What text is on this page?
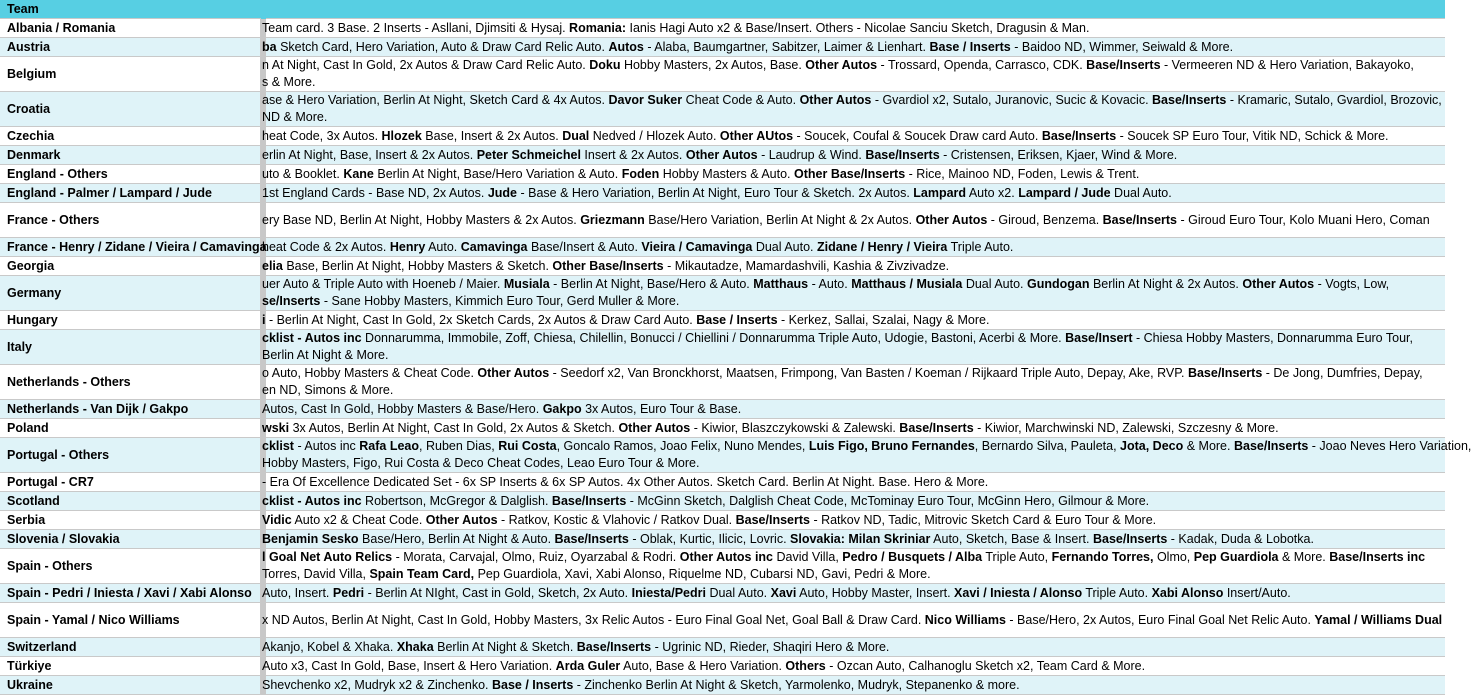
Team		
Albania / Romania		Team card. 3 Base. 2 Inserts - Asllani, Djimsiti & Hysaj. Romania: Ianis Hagi Auto x2 & Base/Insert. Others - Nicolae Sanciu Sketch, Dragusin & Man.

Austria		ba Sketch Card, Hero Variation, Auto & Draw Card Relic Auto. Autos - Alaba, Baumgartner, Sabitzer, Laimer & Lienhart. Base / Inserts - Baidoo ND, Wimmer, Seiwald & More.

Belgium		n At Night, Cast In Gold, 2x Autos & Draw Card Relic Auto. Doku Hobby Masters, 2x Autos, Base. Other Autos - Trossard, Openda, Carrasco, CDK. Base/Inserts - Vermeeren ND & Hero Variation, Bakayoko,
s & More.

Croatia		ase & Hero Variation, Berlin At Night, Sketch Card & 4x Autos. Davor Suker Cheat Code & Auto. Other Autos - Gvardiol x2, Sutalo, Juranovic, Sucic & Kovacic. Base/Inserts - Kramaric, Sutalo, Gvardiol, Brozovic,
ND & More.

Czechia		heat Code, 3x Autos. Hlozek Base, Insert & 2x Autos. Dual Nedved / Hlozek Auto. Other AUtos - Soucek, Coufal & Soucek Draw card Auto. Base/Inserts - Soucek SP Euro Tour, Vitik ND, Schick & More.

Denmark		erlin At Night, Base, Insert & 2x Autos. Peter Schmeichel Insert & 2x Autos. Other Autos - Laudrup & Wind. Base/Inserts - Cristensen, Eriksen, Kjaer, Wind & More.

England - Others		uto & Booklet. Kane Berlin At Night, Base/Hero Variation & Auto. Foden Hobby Masters & Auto. Other Base/Inserts - Rice, Mainoo ND, Foden, Lewis & Trent.

England - Palmer / Lampard / Jude		1st England Cards - Base ND, 2x Autos. Jude - Base & Hero Variation, Berlin At Night, Euro Tour & Sketch. 2x Autos. Lampard Auto x2. Lampard / Jude Dual Auto.

France - Others		ery Base ND, Berlin At Night, Hobby Masters & 2x Autos. Griezmann Base/Hero Variation, Berlin At Night & 2x Autos. Other Autos - Giroud, Benzema. Base/Inserts - Giroud Euro Tour, Kolo Muani Hero, Coman

France - Henry / Zidane / Vieira / Camavinga		heat Code & 2x Autos. Henry Auto. Camavinga Base/Insert & Auto. Vieira / Camavinga Dual Auto. Zidane / Henry / Vieira Triple Auto.

Georgia		elia Base, Berlin At Night, Hobby Masters & Sketch. Other Base/Inserts - Mikautadze, Mamardashvili, Kashia & Zivzivadze.

Germany		uer Auto & Triple Auto with Hoeneb / Maier. Musiala - Berlin At Night, Base/Hero & Auto. Matthaus - Auto. Matthaus / Musiala Dual Auto. Gundogan Berlin At Night & 2x Autos. Other Autos - Vogts, Low,
se/Inserts - Sane Hobby Masters, Kimmich Euro Tour, Gerd Muller & More.

Hungary		i - Berlin At Night, Cast In Gold, 2x Sketch Cards, 2x Autos & Draw Card Auto. Base / Inserts - Kerkez, Sallai, Szalai, Nagy & More.

Italy		cklist - Autos inc Donnarumma, Immobile, Zoff, Chiesa, Chilellin, Bonucci / Chiellini / Donnarumma Triple Auto, Udogie, Bastoni, Acerbi & More. Base/Insert - Chiesa Hobby Masters, Donnarumma Euro Tour,
Berlin At Night & More.

Netherlands - Others		o Auto, Hobby Masters & Cheat Code. Other Autos - Seedorf x2, Van Bronckhorst, Maatsen, Frimpong, Van Basten / Koeman / Rijkaard Triple Auto, Depay, Ake, RVP. Base/Inserts - De Jong, Dumfries, Depay,
en ND, Simons & More.

Netherlands - Van Dijk / Gakpo		Autos, Cast In Gold, Hobby Masters & Base/Hero. Gakpo 3x Autos, Euro Tour & Base.

Poland		wski 3x Autos, Berlin At Night, Cast In Gold, 2x Autos & Sketch. Other Autos - Kiwior, Blaszczykowski & Zalewski. Base/Inserts - Kiwior, Marchwinski ND, Zalewski, Szczesny & More.

Portugal - Others		cklist - Autos inc Rafa Leao, Ruben Dias, Rui Costa, Goncalo Ramos, Joao Felix, Nuno Mendes, Luis Figo, Bruno Fernandes, Bernardo Silva, Pauleta, Jota, Deco & More. Base/Inserts - Joao Neves Hero Variation,
Hobby Masters, Figo, Rui Costa & Deco Cheat Codes, Leao Euro Tour & More.

Portugal - CR7		- Era Of Excellence Dedicated Set - 6x SP Inserts & 6x SP Autos. 4x Other Autos. Sketch Card. Berlin At Night. Base. Hero & More.

Scotland		cklist - Autos inc Robertson, McGregor & Dalglish. Base/Inserts - McGinn Sketch, Dalglish Cheat Code, McTominay Euro Tour, McGinn Hero, Gilmour & More.

Serbia		Vidic Auto x2 & Cheat Code. Other Autos - Ratkov, Kostic & Vlahovic / Ratkov Dual. Base/Inserts - Ratkov ND, Tadic, Mitrovic Sketch Card & Euro Tour & More.

Slovenia / Slovakia		Benjamin Sesko Base/Hero, Berlin At Night & Auto. Base/Inserts - Oblak, Kurtic, Ilicic, Lovric. Slovakia: Milan Skriniar Auto, Sketch, Base & Insert. Base/Inserts - Kadak, Duda & Lobotka.

Spain - Others		l Goal Net Auto Relics - Morata, Carvajal, Olmo, Ruiz, Oyarzabal & Rodri. Other Autos inc David Villa, Pedro / Busquets / Alba Triple Auto, Fernando Torres, Olmo, Pep Guardiola & More. Base/Inserts inc
Torres, David Villa, Spain Team Card, Pep Guardiola, Xavi, Xabi Alonso, Riquelme ND, Cubarsi ND, Gavi, Pedri & More.

Spain - Pedri / Iniesta / Xavi / Xabi Alonso		Auto, Insert. Pedri - Berlin At NIght, Cast in Gold, Sketch, 2x Auto. Iniesta/Pedri Dual Auto. Xavi Auto, Hobby Master, Insert. Xavi / Iniesta / Alonso Triple Auto. Xabi Alonso Insert/Auto.

Spain - Yamal / Nico Williams		x ND Autos, Berlin At Night, Cast In Gold, Hobby Masters, 3x Relic Autos - Euro Final Goal Net, Goal Ball & Draw Card. Nico Williams - Base/Hero, 2x Autos, Euro Final Goal Net Relic Auto. Yamal / Williams Dual

Switzerland		Akanjo, Kobel & Xhaka. Xhaka Berlin At Night & Sketch. Base/Inserts - Ugrinic ND, Rieder, Shaqiri Hero & More.

Türkiye		Auto x3, Cast In Gold, Base, Insert & Hero Variation. Arda Guler Auto, Base & Hero Variation. Others - Ozcan Auto, Calhanoglu Sketch x2, Team Card & More.

Ukraine		Shevchenko x2, Mudryk x2 & Zinchenko. Base / Inserts - Zinchenko Berlin At Night & Sketch, Yarmolenko, Mudryk, Stepanenko & more.
